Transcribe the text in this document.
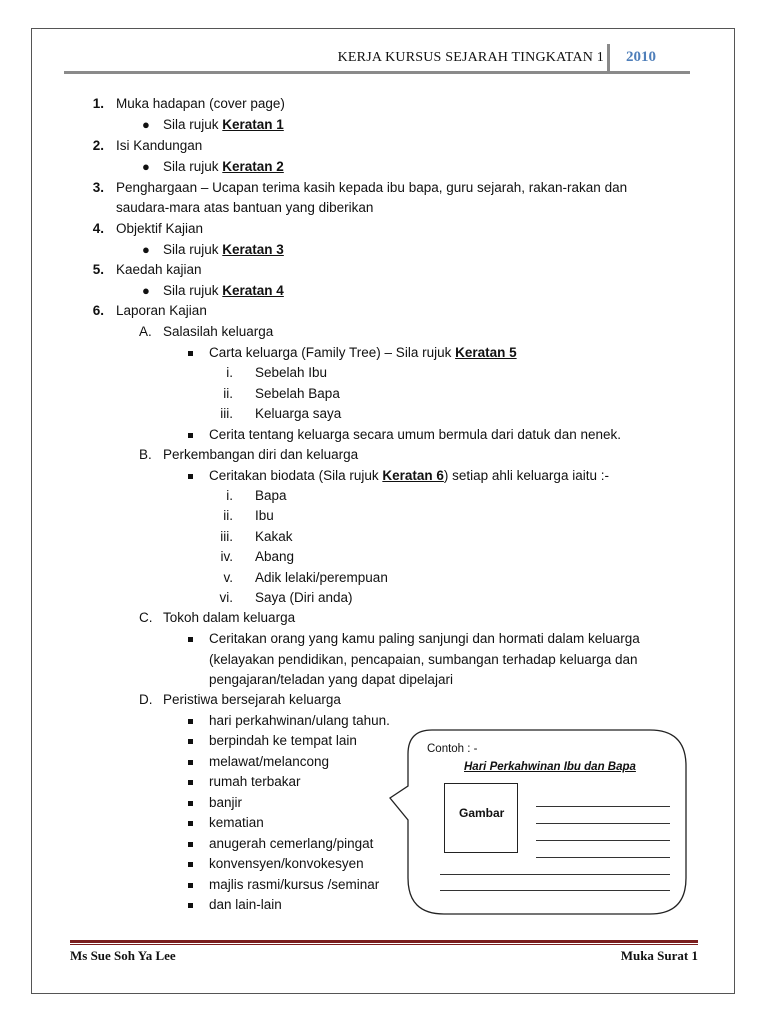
KERJA KURSUS SEJARAH TINGKATAN 1 2010
1. Muka hadapan (cover page)
● Sila rujuk Keratan 1
2. Isi Kandungan
● Sila rujuk Keratan 2
3. Penghargaan – Ucapan terima kasih kepada ibu bapa, guru sejarah, rakan-rakan dan
saudara-mara atas bantuan yang diberikan
4. Objektif Kajian
● Sila rujuk Keratan 3
5. Kaedah kajian
● Sila rujuk Keratan 4
6. Laporan Kajian
A. Salasilah keluarga
Carta keluarga (Family Tree) – Sila rujuk Keratan 5
i. Sebelah Ibu
ii. Sebelah Bapa
iii. Keluarga saya
Cerita tentang keluarga secara umum bermula dari datuk dan nenek.
B. Perkembangan diri dan keluarga
Ceritakan biodata (Sila rujuk Keratan 6) setiap ahli keluarga iaitu :-
i. Bapa
ii. Ibu
iii. Kakak
iv. Abang
v. Adik lelaki/perempuan
vi. Saya (Diri anda)
C. Tokoh dalam keluarga
Ceritakan orang yang kamu paling sanjungi dan hormati dalam keluarga
(kelayakan pendidikan, pencapaian, sumbangan terhadap keluarga dan
pengajaran/teladan yang dapat dipelajari
D. Peristiwa bersejarah keluarga
hari perkahwinan/ulang tahun.
berpindah ke tempat lain
melawat/melancong
rumah terbakar
banjir
kematian
anugerah cemerlang/pingat
konvensyen/konvokesyen
majlis rasmi/kursus /seminar
dan lain-lain
Contoh : -
Hari Perkahwinan Ibu dan Bapa
Gambar
Ms Sue Soh Ya Lee	Muka Surat 1
